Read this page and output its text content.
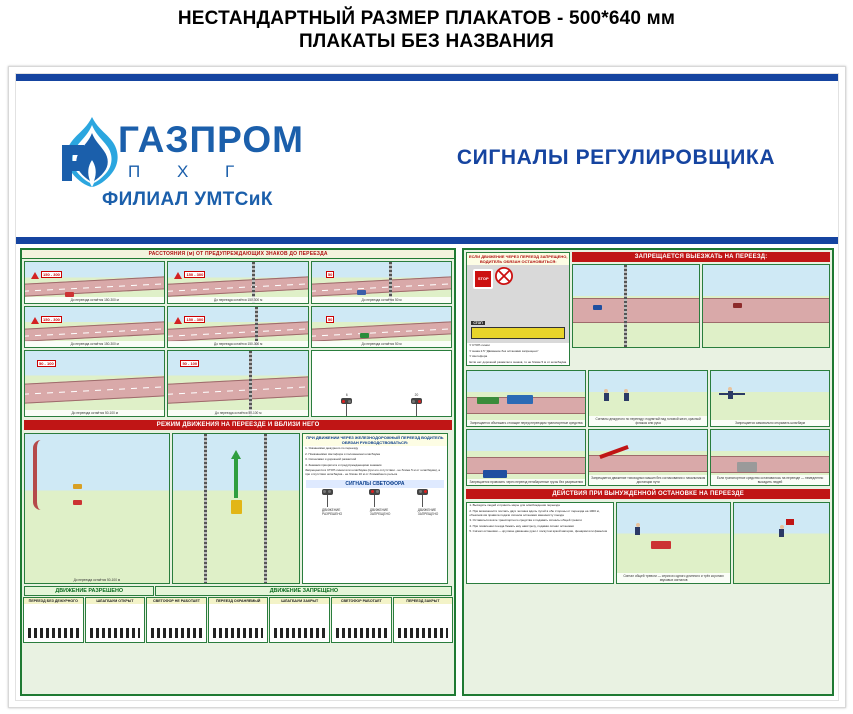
НЕСТАНДАРТНЫЙ РАЗМЕР ПЛАКАТОВ - 500*640 мм
ПЛАКАТЫ БЕЗ НАЗВАНИЯ
ГАЗПРОМ
П Х Г
ФИЛИАЛ УМТСиК
СИГНАЛЫ РЕГУЛИРОВЩИКА
РАССТОЯНИЯ (м) ОТ ПРЕДУПРЕЖДАЮЩИХ ЗНАКОВ ДО ПЕРЕЕЗДА
150 - 300
До переезда остаётся 150-300 м
150 - 300
До переезда остаётся 150-300 м
50
До переезда остаётся 50 м
150 - 300
До переезда остаётся 150-300 м
150 - 300
До переезда остаётся 150-300 м
50
До переезда остаётся 50 м
50 - 100
До переезда остаётся 50-100 м
50 - 100
До переезда остаётся 50-100 м
6	20
РЕЖИМ ДВИЖЕНИЯ НА ПЕРЕЕЗДЕ И ВБЛИЗИ НЕГО
До переезда остаётся 50-100 м
ПРИ ДВИЖЕНИИ ЧЕРЕЗ ЖЕЛЕЗНОДОРОЖНЫЙ ПЕРЕЕЗД ВОДИТЕЛЬ ОБЯЗАН РУКОВОДСТВОВАТЬСЯ:
1. Указаниями дежурного по переезду
2. Показаниями светофора и положением шлагбаума
3. Сигналами и дорожной разметкой
4. Знаками приоритета и предупреждающими знаками
Запрещается в СТОП-линии или шлагбаума (при его отсутствии - не ближе 5 м от шлагбаума), а при отсутствии шлагбаума - не ближе 10 м от ближайшего рельса
СИГНАЛЫ СВЕТОФОРА
ДВИЖЕНИЕ РАЗРЕШЕНО
ДВИЖЕНИЕ ЗАПРЕЩЕНО
ДВИЖЕНИЕ ЗАПРЕЩЕНО
ДВИЖЕНИЕ РАЗРЕШЕНО	ДВИЖЕНИЕ ЗАПРЕЩЕНО
ПЕРЕЕЗД БЕЗ ДЕЖУРНОГО	ШЛАГБАУМ ОТКРЫТ	СВЕТОФОР НЕ РАБОТАЕТ	ПЕРЕЕЗД ОХРАНЯЕМЫЙ	ШЛАГБАУМ ЗАКРЫТ	СВЕТОФОР РАБОТАЕТ	ПЕРЕЕЗД ЗАКРЫТ
ЕСЛИ ДВИЖЕНИЕ ЧЕРЕЗ ПЕРЕЕЗД ЗАПРЕЩЕНО, ВОДИТЕЛЬ ОБЯЗАН ОСТАНОВИТЬСЯ:
STOP
СТОП
У СТОП-линии
У знака 2.5 "Движение без остановки запрещено"
У светофора
Если нет дорожной разметки и знаков, то не ближе 5 м от шлагбаума
ЗАПРЕЩАЕТСЯ ВЫЕЗЖАТЬ НА ПЕРЕЕЗД:
Запрещается объезжать стоящие перед переездом транспортные средства
Сигналы дежурного по переезду: поднятый над головой жезл, красный флажок или рука	Запрещается самовольно открывать шлагбаум
Запрещается провозить через переезд негабаритные грузы без разрешения
Запрещается движение тихоходных машин без согласования с начальником дистанции пути
Если транспортное средство остановилось на переезде — немедленно высадить людей
ДЕЙСТВИЯ ПРИ ВЫНУЖДЕННОЙ ОСТАНОВКЕ НА ПЕРЕЕЗДЕ
1. Высадить людей и принять меры для освобождения переезда
2. При возможности послать двух человек вдоль путей в обе стороны от переезда на 1000 м, объяснив им правила подачи сигнала остановки машинисту поезда
3. Оставаться возле транспортного средства и подавать сигналы общей тревоги
4. При появлении поезда бежать ему навстречу, подавая сигнал остановки
5. Сигнал остановки — круговое движение руки с лоскутом яркой материи, фонарём или факелом
Сигнал общей тревоги — серия из одного длинного и трёх коротких звуковых сигналов
